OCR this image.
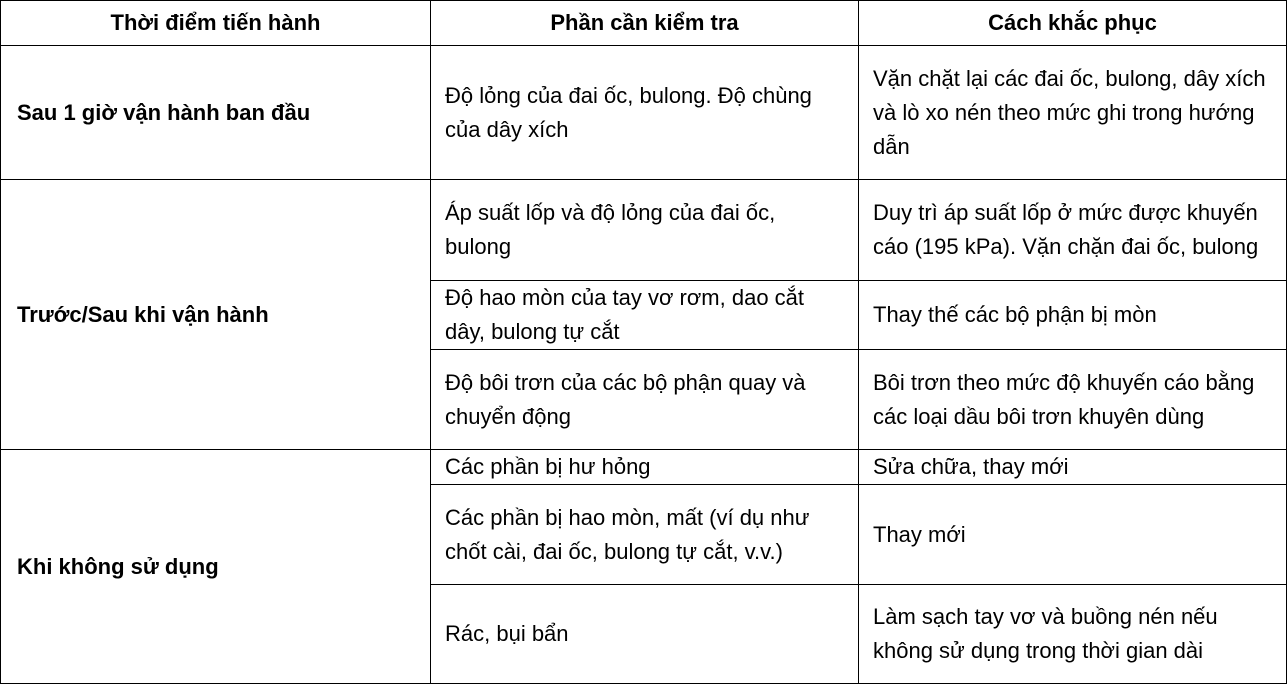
Thời điểm tiến hành	Phần cần kiểm tra	Cách khắc phục
Sau 1 giờ vận hành ban đầu	Độ lỏng của đai ốc, bulong. Độ chùng của dây xích	Vặn chặt lại các đai ốc, bulong, dây xích và lò xo nén theo mức ghi trong hướng dẫn
Trước/Sau khi vận hành	Áp suất lốp và độ lỏng của đai ốc, bulong	Duy trì áp suất lốp ở mức được khuyến cáo (195 kPa). Vặn chặn đai ốc, bulong
	Độ hao mòn của tay vơ rơm, dao cắt dây, bulong tự cắt	Thay thế các bộ phận bị mòn
	Độ bôi trơn của các bộ phận quay và chuyển động	Bôi trơn theo mức độ khuyến cáo bằng các loại dầu bôi trơn khuyên dùng
Khi không sử dụng	Các phần bị hư hỏng	Sửa chữa, thay mới
	Các phần bị hao mòn, mất (ví dụ như chốt cài, đai ốc, bulong tự cắt, v.v.)	Thay mới
	Rác, bụi bẩn	Làm sạch tay vơ và buồng nén nếu không sử dụng trong thời gian dài
